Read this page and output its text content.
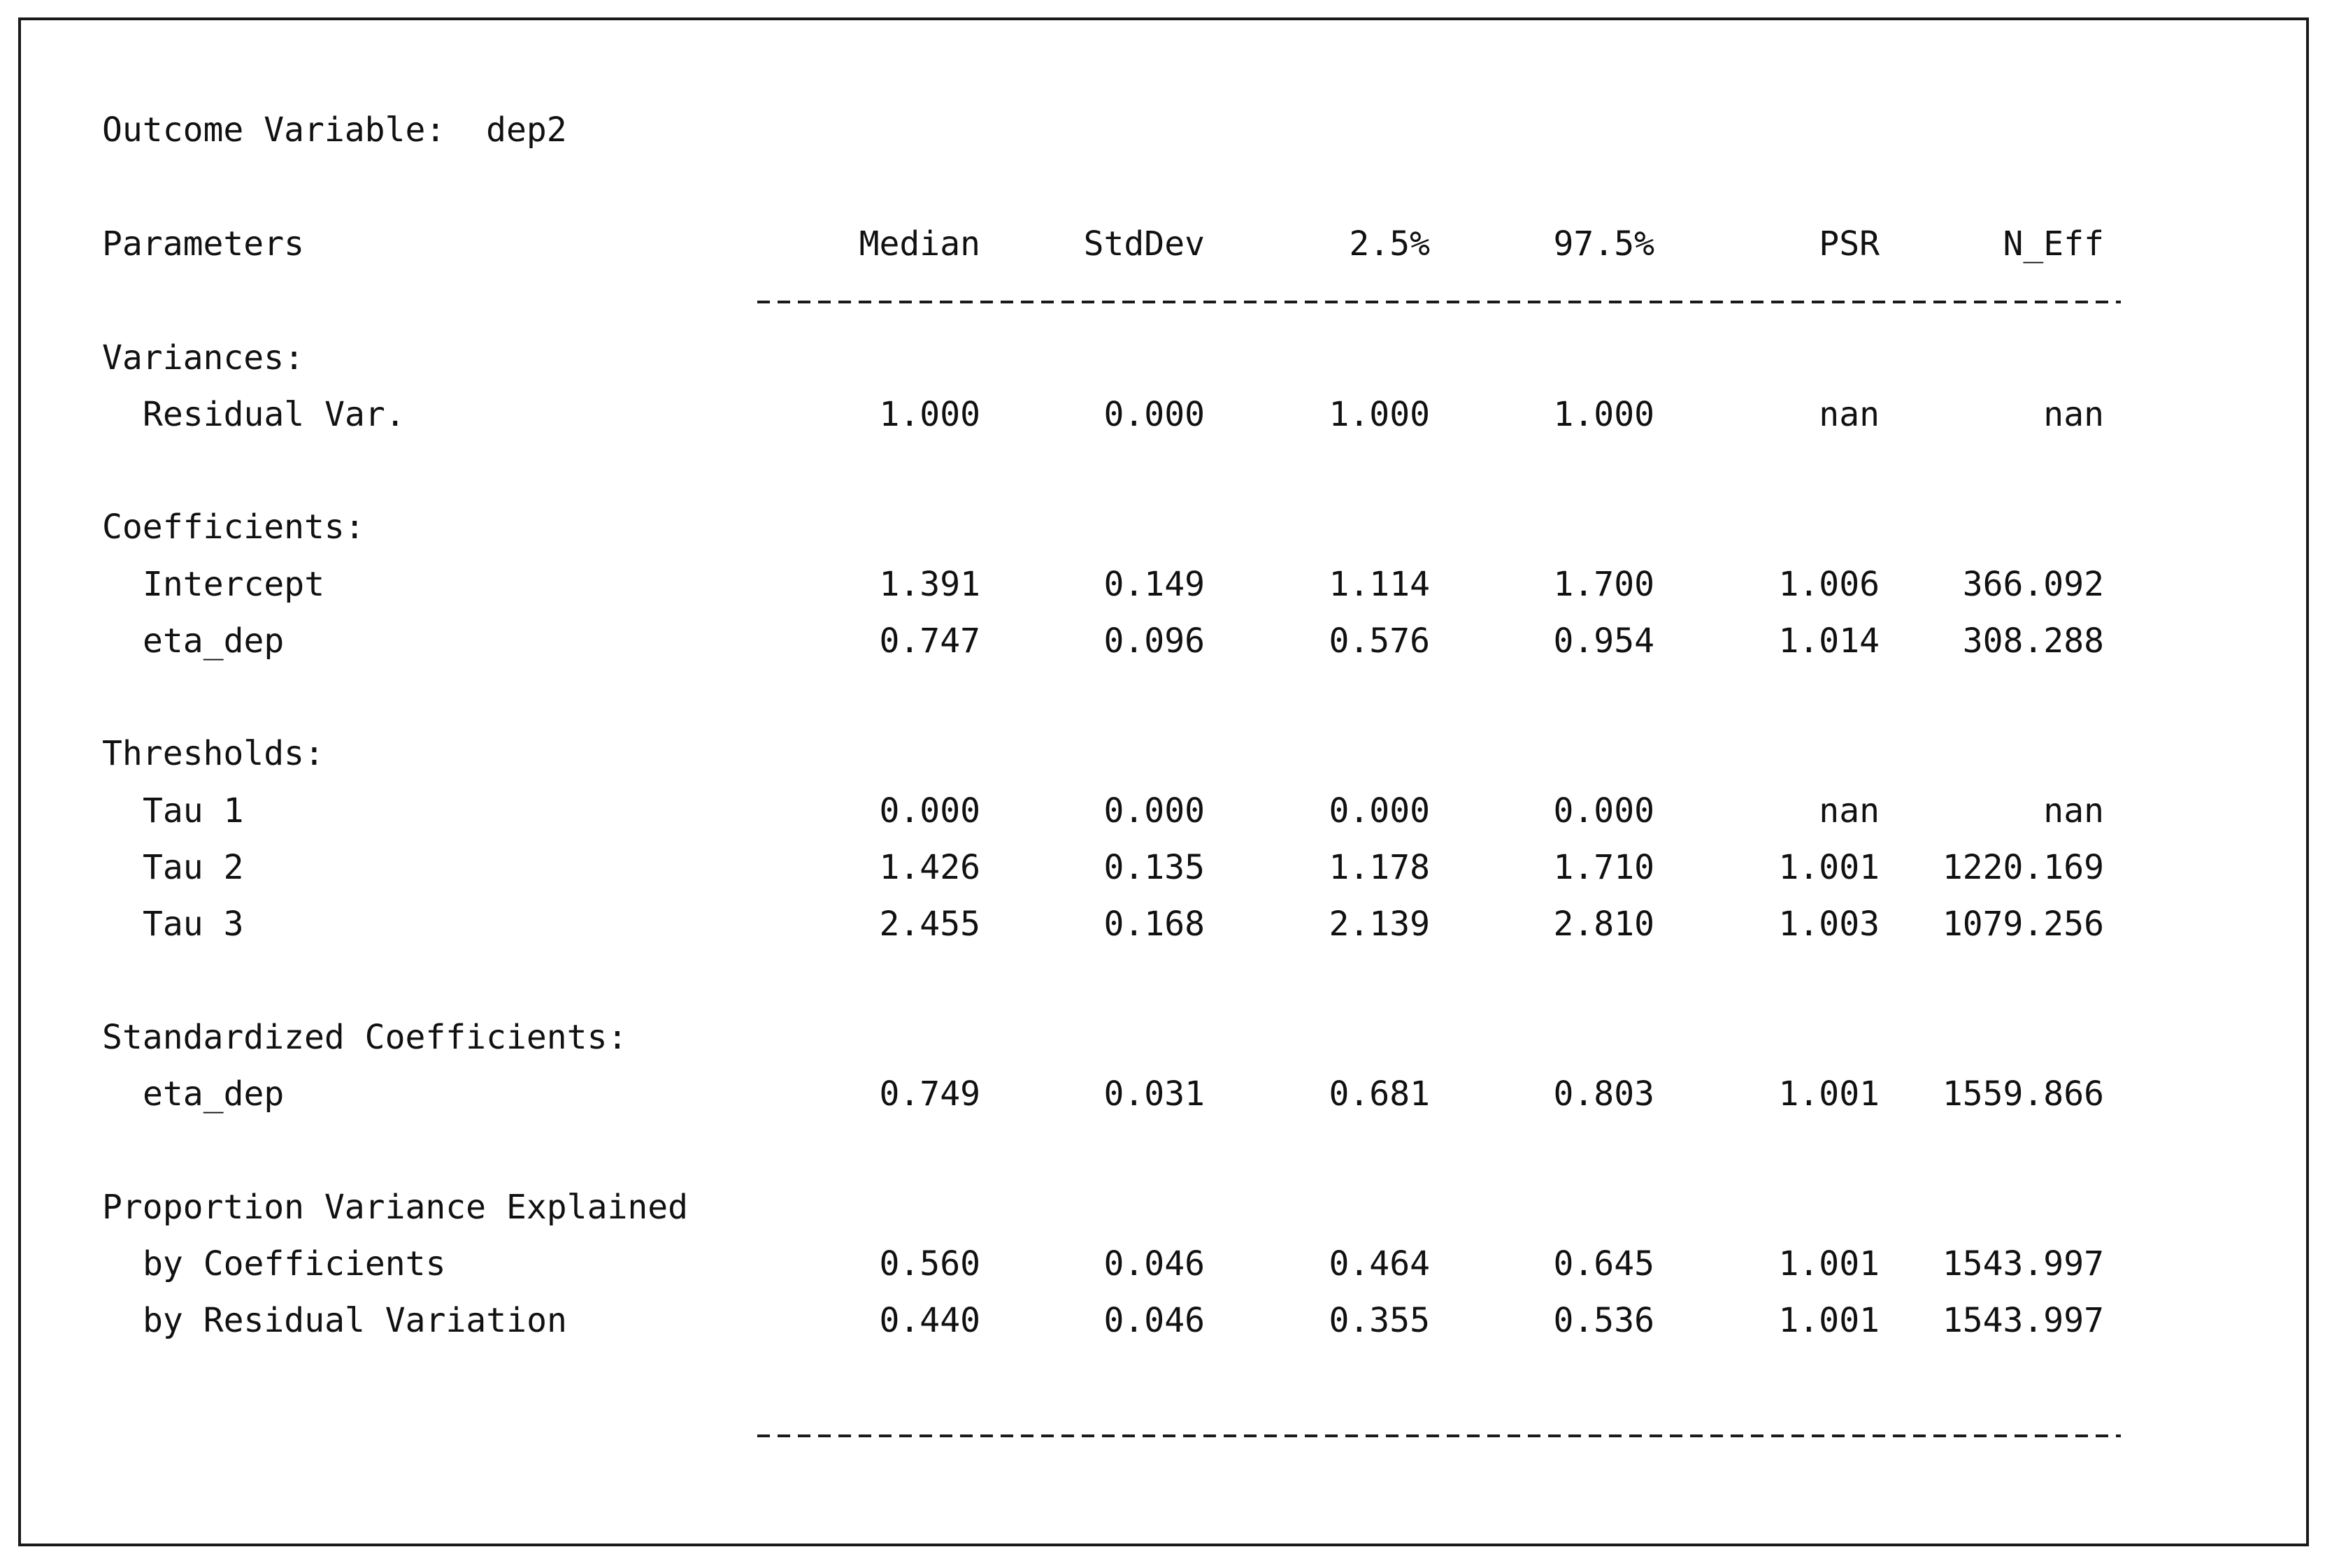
Outcome Variable:  dep2
Parameters	Median	StdDev	2.5%	97.5%	PSR	N_Eff
Variances:
Residual Var.	1.000	0.000	1.000	1.000	nan	nan
Coefficients:
Intercept	1.391	0.149	1.114	1.700	1.006 366.092
eta_dep	0.747	0.096	0.576	0.954	1.014 308.288
Thresholds:
Tau 1	0.000	0.000	0.000	0.000	nan	nan
Tau 2	1.426	0.135	1.178	1.710	1.001 1220.169
Tau 3	2.455	0.168	2.139	2.810	1.003 1079.256
Standardized Coefficients:
eta_dep	0.749	0.031	0.681	0.803	1.001 1559.866
Proportion Variance Explained
by Coefficients	0.560	0.046	0.464	0.645	1.001 1543.997
by Residual Variation	0.440	0.046	0.355	0.536	1.001 1543.997
